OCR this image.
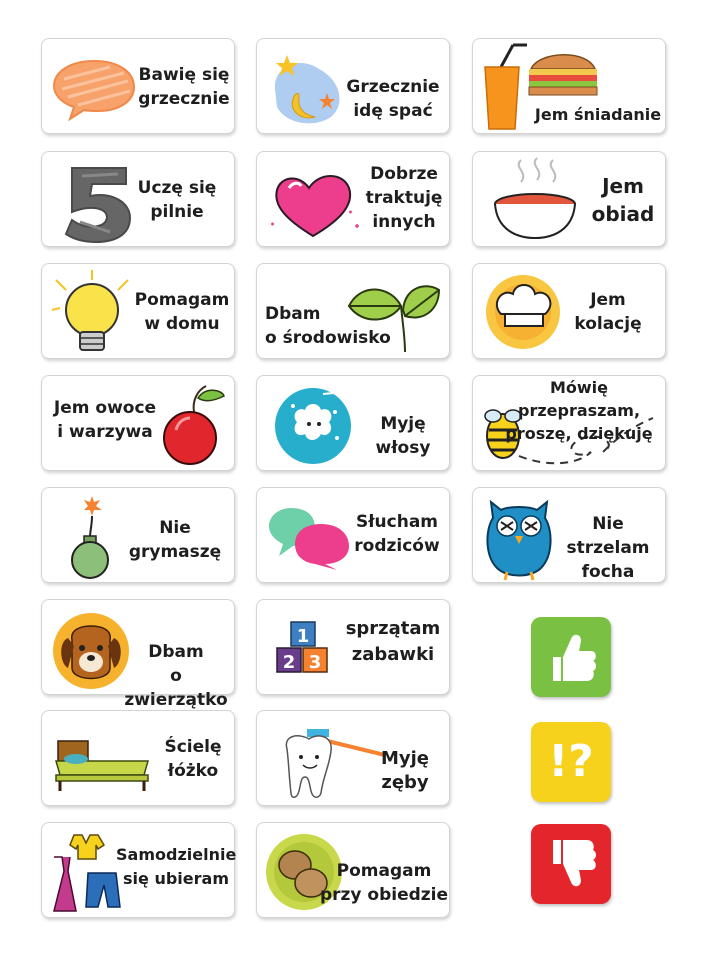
Bawię się
grzecznie
Grzecznie
idę spać	Jem śniadanie
Uczę się
pilnie
Dobrze
traktuję
innych
Jem
obiad
Pomagam
w domu	Dbam
o środowisko
Jem
kolację
Jem owoce
i warzywa	Myję
włosy
Mówię przepraszam,
proszę, dziękuję
Nie
grymaszę
Słucham
rodziców
Nie strzelam
focha
Dbam
o zwierzątko
1
2 3
sprzątam
zabawki
Ścielę
łóżko
Myję
zęby
Samodzielnie
się ubieram	Pomagam
przy obiedzie
!?
